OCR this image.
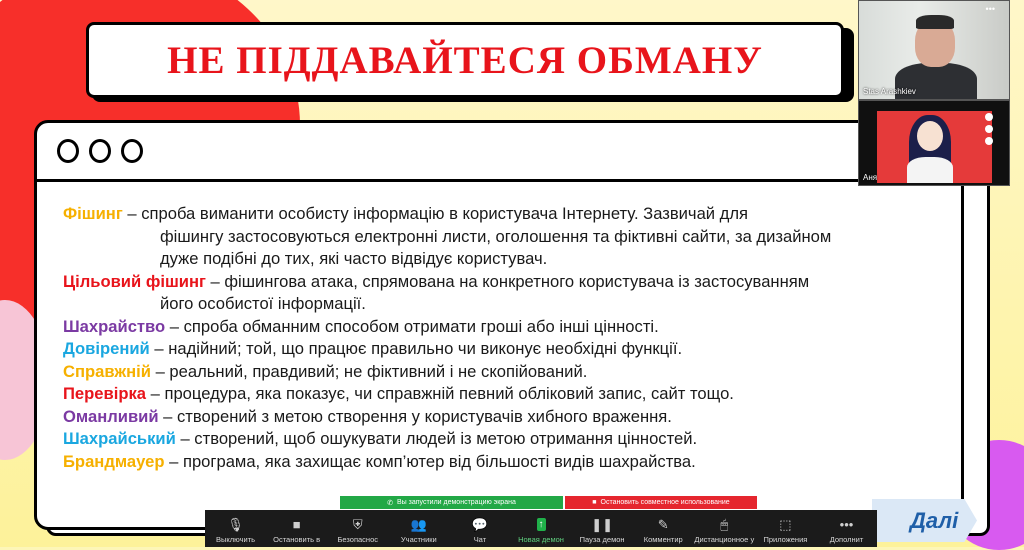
НЕ ПІДДАВАЙТЕСЯ ОБМАНУ
Фішинг – спроба виманити особисту інформацію в користувача Інтернету. Зазвичай для
фішингу застосовуються електронні листи, оголошення та фіктивні сайти, за дизайном
дуже подібні до тих, які часто відвідує користувач.
Цільовий фішинг – фішингова атака, спрямована на конкретного користувача із застосуванням
його особистої інформації.
Шахрайство – спроба обманним способом отримати гроші або інші цінності.
Довірений – надійний; той, що працює правильно чи виконує необхідні функції.
Справжній – реальний, правдивий; не фіктивний і не скопійований.
Перевірка – процедура, яка показує, чи справжній певний обліковий запис, сайт тощо.
Оманливий – створений з метою створення у користувачів хибного враження.
Шахрайський – створений, щоб ошукувати людей із метою отримання цінностей.
Брандмауер – програма, яка захищає комп’ютер від більшості видів шахрайства.
•••
Stas Arashkiev
Аня
Далі
✆ Вы запустили демонстрацию экрана	■ Остановить совместное использование
🎙
Выключить
■
Остановить в
⛨
Безопаснос
👥
Участники
💬
Чат
↑
Новая демон
❚❚
Пауза демон
✎
Комментир
🖱
Дистанционное у
⬚
Приложения
•••
Дополнит
